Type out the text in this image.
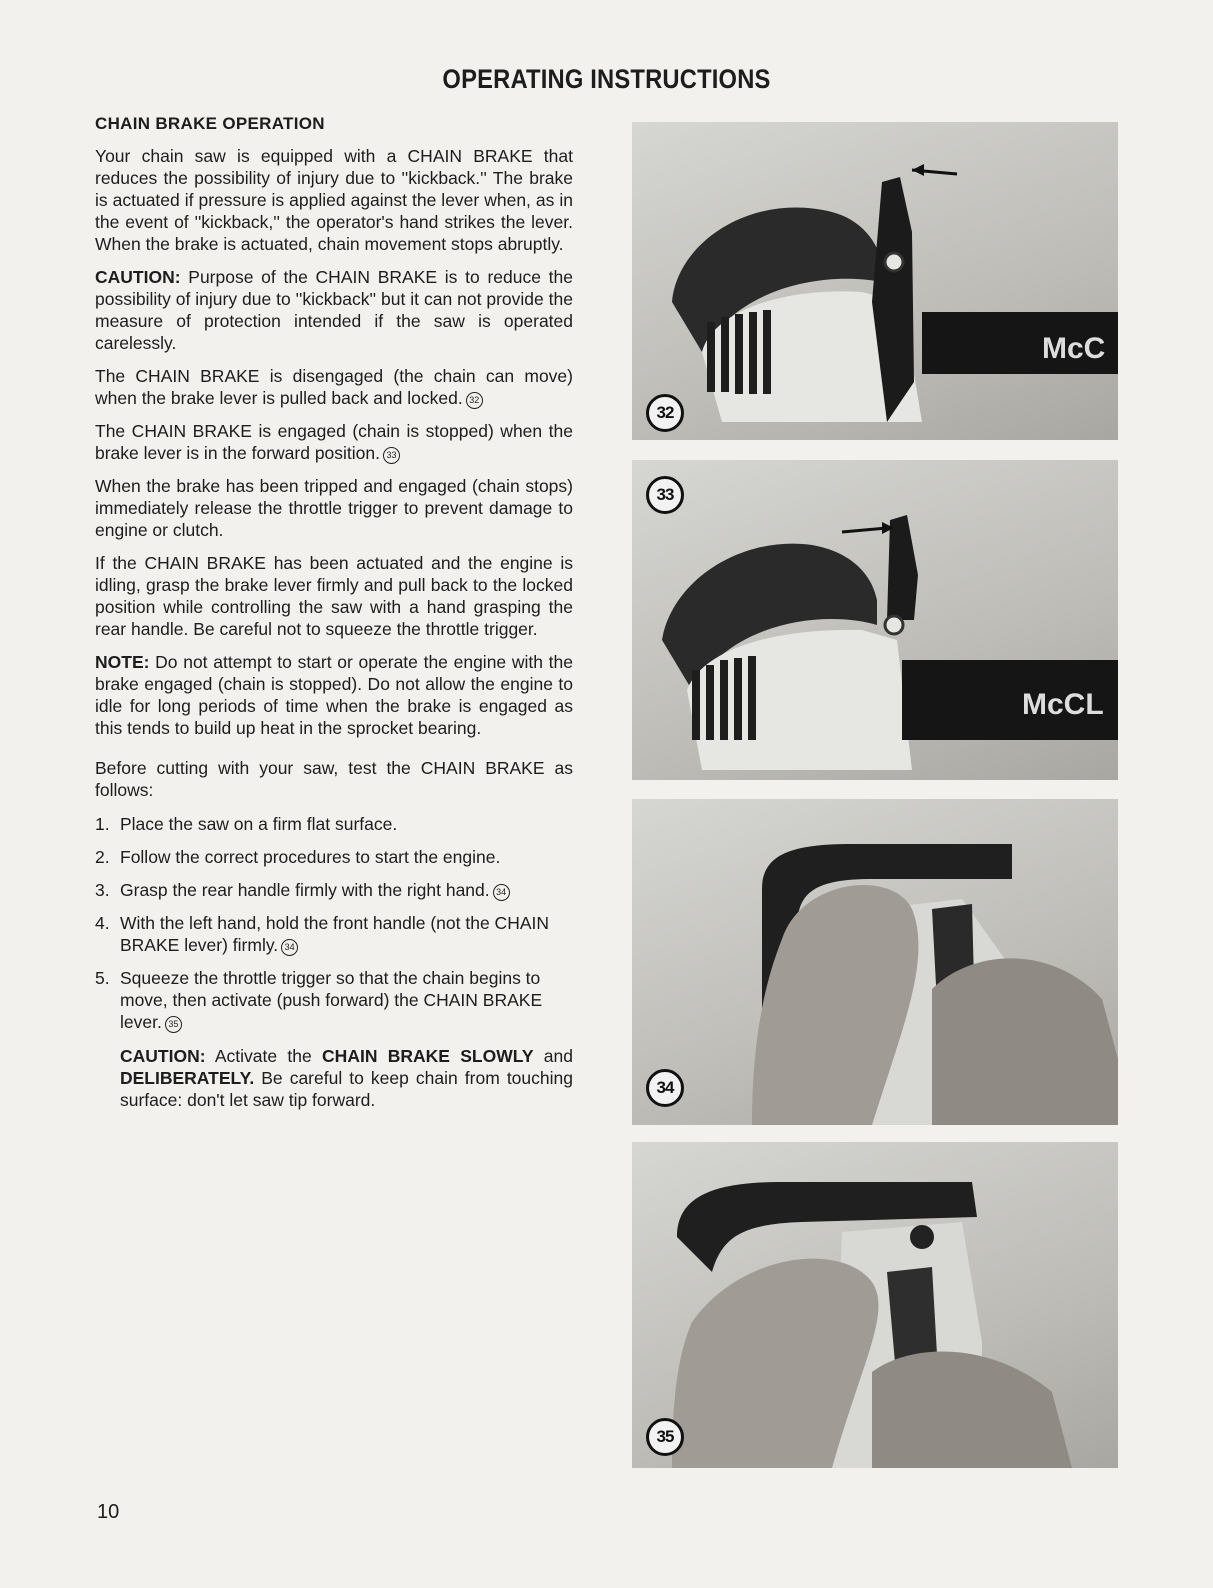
OPERATING INSTRUCTIONS
CHAIN BRAKE OPERATION

Your chain saw is equipped with a CHAIN BRAKE that reduces the possibility of injury due to ''kickback.'' The brake is actuated if pressure is applied against the lever when, as in the event of ''kickback,'' the operator's hand strikes the lever. When the brake is actuated, chain movement stops abruptly.

CAUTION: Purpose of the CHAIN BRAKE is to reduce the possibility of injury due to ''kickback'' but it can not provide the measure of protection intended if the saw is operated carelessly.

The CHAIN BRAKE is disengaged (the chain can move) when the brake lever is pulled back and locked. 32

The CHAIN BRAKE is engaged (chain is stopped) when the brake lever is in the forward position. 33

When the brake has been tripped and engaged (chain stops) immediately release the throttle trigger to prevent damage to engine or clutch.

If the CHAIN BRAKE has been actuated and the engine is idling, grasp the brake lever firmly and pull back to the locked position while controlling the saw with a hand grasping the rear handle. Be careful not to squeeze the throttle trigger.

NOTE: Do not attempt to start or operate the engine with the brake engaged (chain is stopped). Do not allow the engine to idle for long periods of time when the brake is engaged as this tends to build up heat in the sprocket bearing.

Before cutting with your saw, test the CHAIN BRAKE as follows:

1. Place the saw on a firm flat surface.
2. Follow the correct procedures to start the engine.
3. Grasp the rear handle firmly with the right hand. 34
4. With the left hand, hold the front handle (not the CHAIN BRAKE lever) firmly. 34
5. Squeeze the throttle trigger so that the chain begins to move, then activate (push forward) the CHAIN BRAKE lever. 35

CAUTION: Activate the CHAIN BRAKE SLOWLY and DELIBERATELY. Be careful to keep chain from touching surface: don't let saw tip forward.

32
McC
33
McCL
34
35
10
